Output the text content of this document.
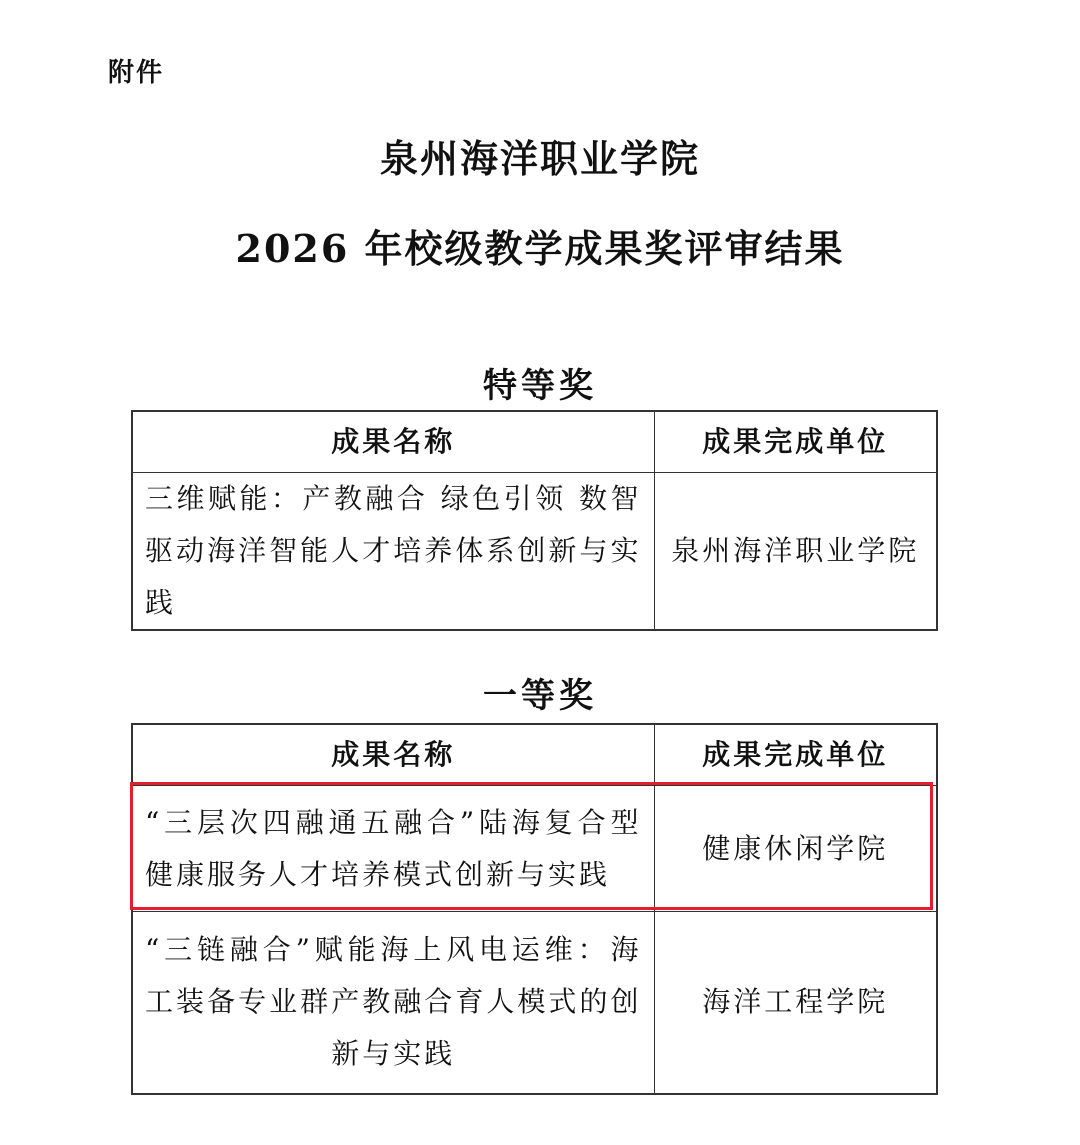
附件
泉州海洋职业学院
2026 年校级教学成果奖评审结果
特等奖
成果名称	成果完成单位
三维赋能：产教融合 绿色引领 数智驱动海洋智能人才培养体系创新与实践	泉州海洋职业学院
一等奖
成果名称	成果完成单位
“三层次四融通五融合”陆海复合型健康服务人才培养模式创新与实践	健康休闲学院
“三链融合”赋能海上风电运维：海工装备专业群产教融合育人模式的创新与实践	海洋工程学院
